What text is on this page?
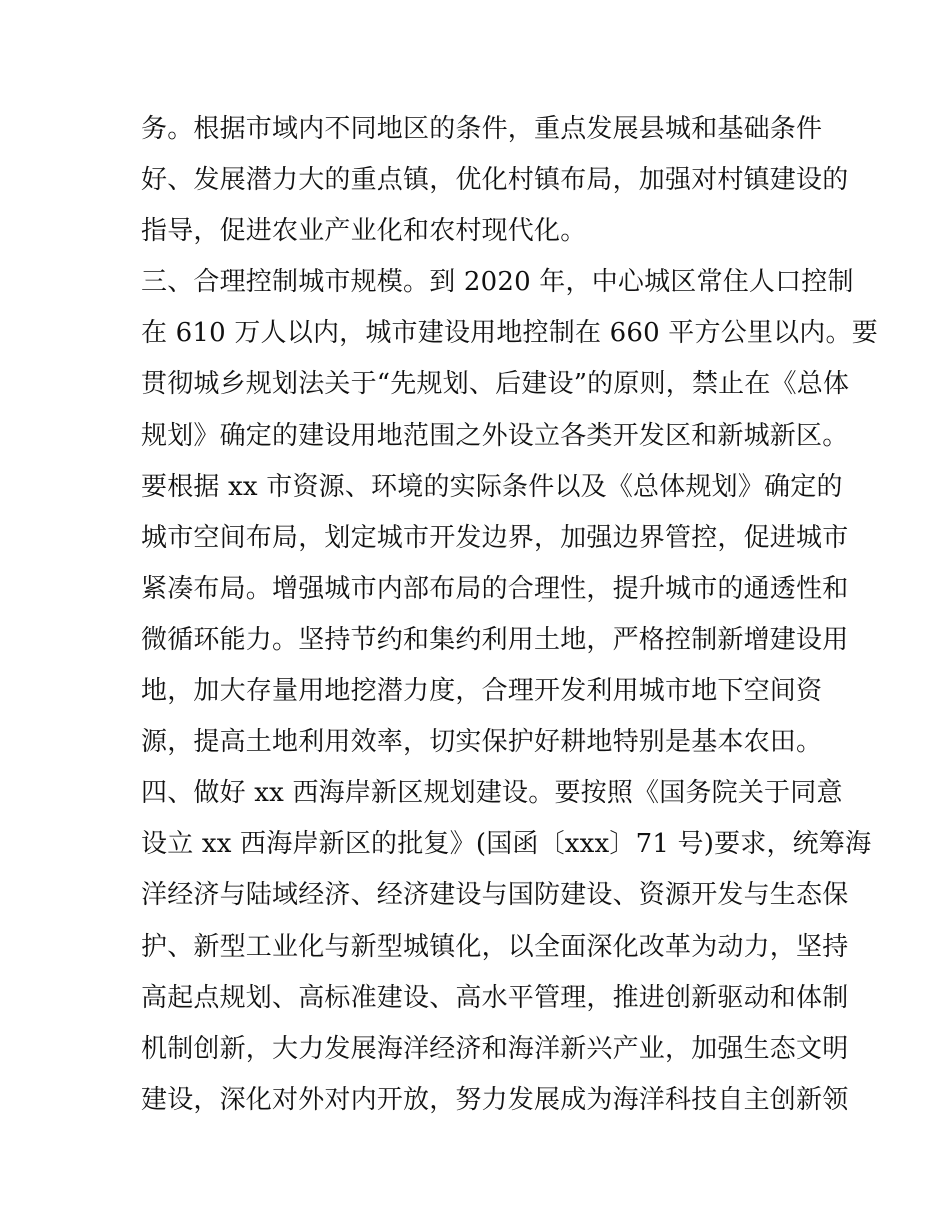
务。根据市域内不同地区的条件，重点发展县城和基础条件
好、发展潜力大的重点镇，优化村镇布局，加强对村镇建设的
指导，促进农业产业化和农村现代化。
三、合理控制城市规模。到 2020 年，中心城区常住人口控制
在 610 万人以内，城市建设用地控制在 660 平方公里以内。要
贯彻城乡规划法关于“先规划、后建设”的原则，禁止在《总体
规划》确定的建设用地范围之外设立各类开发区和新城新区。
要根据 xx 市资源、环境的实际条件以及《总体规划》确定的
城市空间布局，划定城市开发边界，加强边界管控，促进城市
紧凑布局。增强城市内部布局的合理性，提升城市的通透性和
微循环能力。坚持节约和集约利用土地，严格控制新增建设用
地，加大存量用地挖潜力度，合理开发利用城市地下空间资
源，提高土地利用效率，切实保护好耕地特别是基本农田。
四、做好 xx 西海岸新区规划建设。要按照《国务院关于同意
设立 xx 西海岸新区的批复》(国函〔xxx〕71 号)要求，统筹海
洋经济与陆域经济、经济建设与国防建设、资源开发与生态保
护、新型工业化与新型城镇化，以全面深化改革为动力，坚持
高起点规划、高标准建设、高水平管理，推进创新驱动和体制
机制创新，大力发展海洋经济和海洋新兴产业，加强生态文明
建设，深化对外对内开放，努力发展成为海洋科技自主创新领
